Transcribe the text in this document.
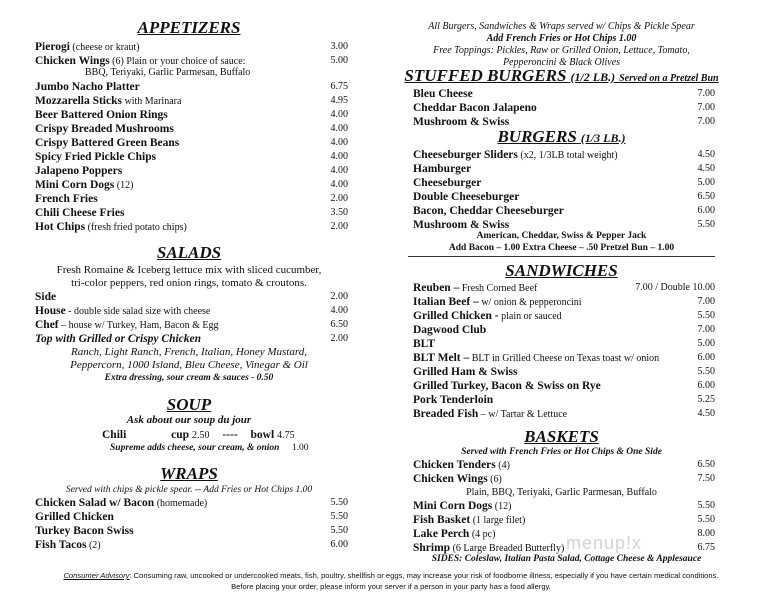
APPETIZERS
Pierogi (cheese or kraut)	3.00
Chicken Wings (6) Plain or your choice of sauce:	5.00
Jumbo Nacho Platter	6.75
Mozzarella Sticks with Marinara	4.95
Beer Battered Onion Rings	4.00
Crispy Breaded Mushrooms	4.00
Crispy Battered Green Beans	4.00
Spicy Fried Pickle Chips	4.00
Jalapeno Poppers	4.00
Mini Corn Dogs (12)	4.00
French Fries	2.00
Chili Cheese Fries	3.50
Hot Chips (fresh fried potato chips)	2.00
BBQ, Teriyaki, Garlic Parmesan, Buffalo
SALADS
Fresh Romaine & Iceberg lettuce mix with sliced cucumber,
tri-color peppers, red onion rings, tomato & croutons.
Side	2.00
House - double side salad size with cheese	4.00
Chef – house w/ Turkey, Ham, Bacon & Egg	6.50
Top with Grilled or Crispy Chicken	2.00
Ranch, Light Ranch, French, Italian, Honey Mustard,
Peppercorn, 1000 Island, Bleu Cheese, Vinegar & Oil
Extra dressing, sour cream & sauces - 0.50
SOUP
Ask about our soup du jour
Chili	cup 2.50 ---- bowl 4.75
Supreme adds cheese, sour cream, & onion 1.00
WRAPS
Served with chips & pickle spear. -- Add Fries or Hot Chips 1.00
Chicken Salad w/ Bacon (homemade)	5.50
Grilled Chicken	5.50
Turkey Bacon Swiss	5.50
Fish Tacos (2)	6.00
All Burgers, Sandwiches & Wraps served w/ Chips & Pickle Spear
Add French Fries or Hot Chips 1.00
Free Toppings: Pickles, Raw or Grilled Onion, Lettuce, Tomato,
Pepperoncini & Black Olives
STUFFED BURGERS (1/2 LB.) Served on a Pretzel Bun
Bleu Cheese	7.00
Cheddar Bacon Jalapeno	7.00
Mushroom & Swiss	7.00
BURGERS (1/3 LB.)
Cheeseburger Sliders (x2, 1/3LB total weight)	4.50
Hamburger	4.50
Cheeseburger	5.00
Double Cheeseburger	6.50
Bacon, Cheddar Cheeseburger	6.00
Mushroom & Swiss	5.50
American, Cheddar, Swiss & Pepper Jack
Add Bacon – 1.00 Extra Cheese – .50 Pretzel Bun – 1.00
SANDWICHES
Reuben – Fresh Corned Beef	7.00 / Double 10.00
Italian Beef – w/ onion & pepperoncini	7.00
Grilled Chicken - plain or sauced	5.50
Dagwood Club	7.00
BLT	5.00
BLT Melt – BLT in Grilled Cheese on Texas toast w/ onion	6.00
Grilled Ham & Swiss	5.50
Grilled Turkey, Bacon & Swiss on Rye	6.00
Pork Tenderloin	5.25
Breaded Fish – w/ Tartar & Lettuce	4.50
BASKETS
Served with French Fries or Hot Chips & One Side
Chicken Tenders (4)	6.50
Chicken Wings (6)	7.50
Mini Corn Dogs (12)	5.50
Fish Basket (1 large filet)	5.50
Lake Perch (4 pc)	8.00
Shrimp (6 Large Breaded Butterfly)	6.75
Plain, BBQ, Teriyaki, Garlic Parmesan, Buffalo
SIDES: Coleslaw, Italian Pasta Salad, Cottage Cheese & Applesauce
menup!x
Consumer Advisory: Consuming raw, uncooked or undercooked meats, fish, poultry, shellfish or eggs, may increase your risk of foodborne illness, especially if you have certain medical conditions.
Before placing your order, please inform your server if a person in your party has a food allergy.
